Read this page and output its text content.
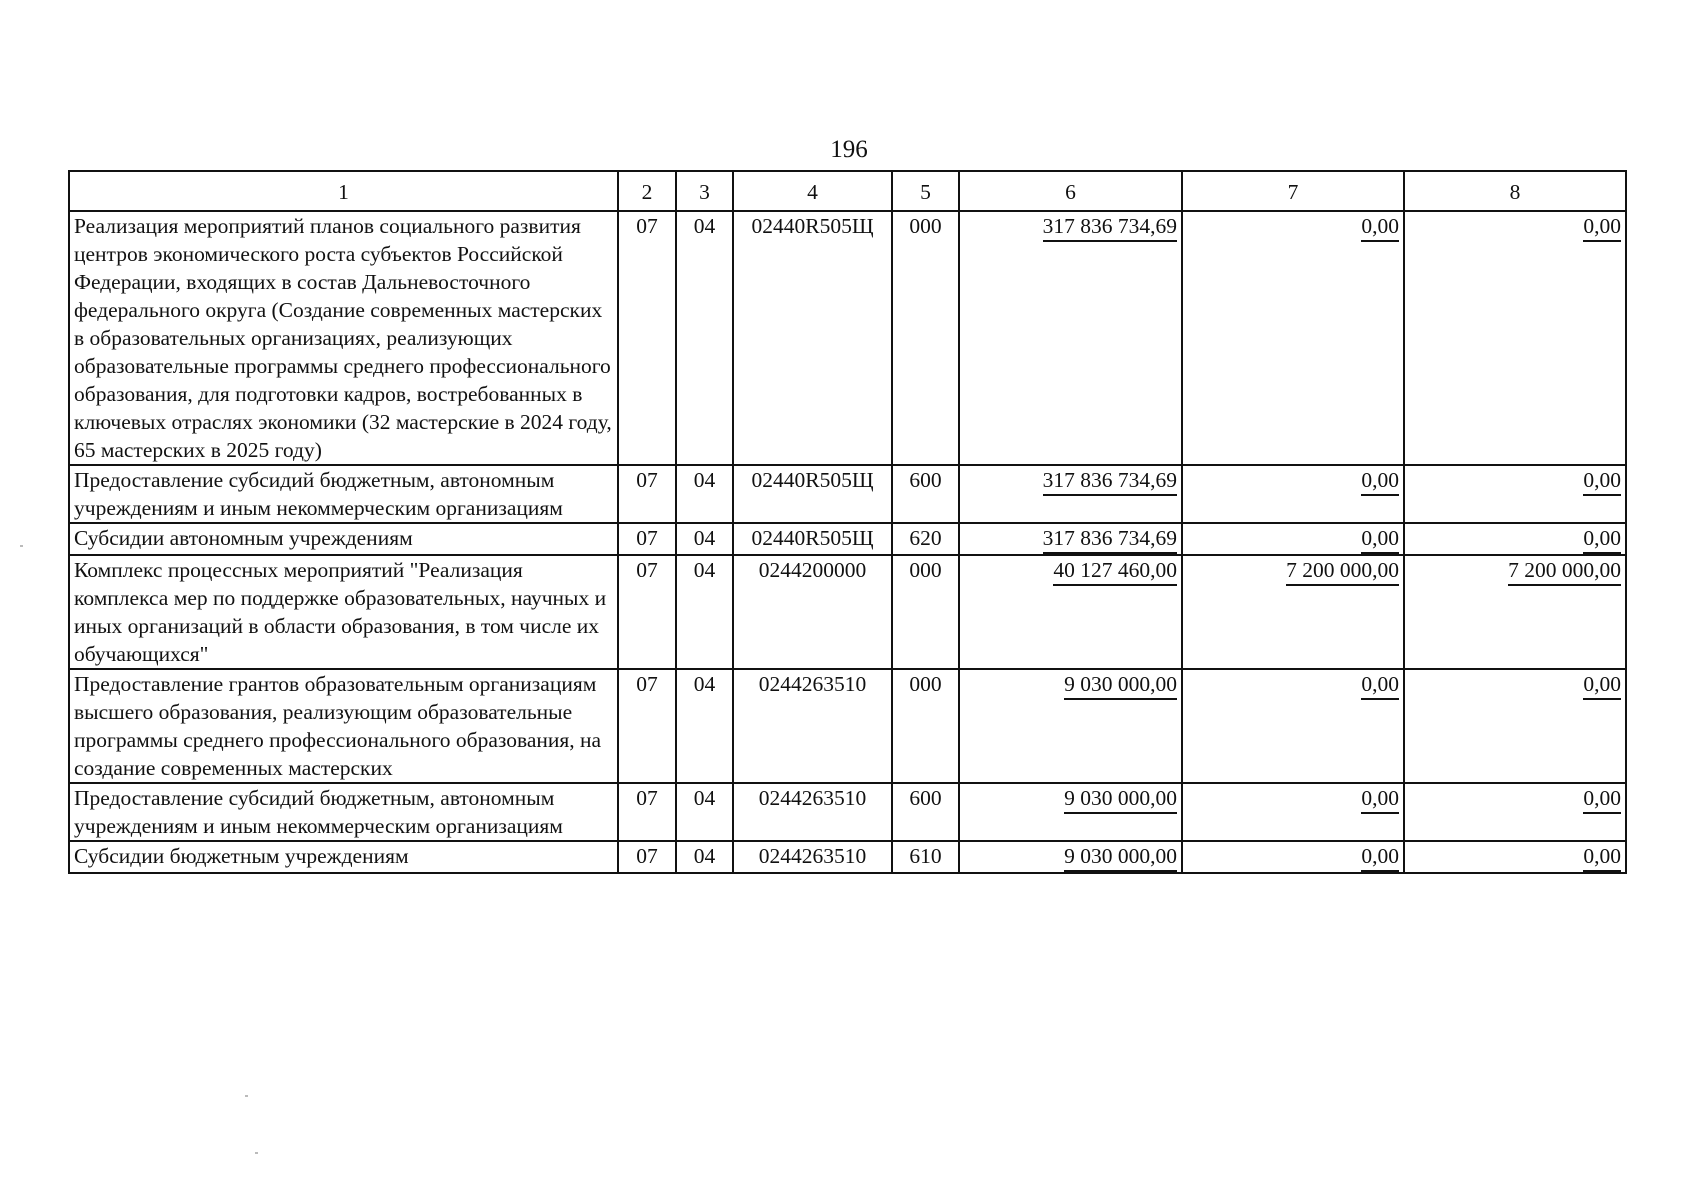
196
1	2	3	4	5	6	7	8
Реализация мероприятий планов социального развития центров экономического роста субъектов Российской Федерации, входящих в состав Дальневосточного федерального округа (Создание современных мастерских в образовательных организациях, реализующих образовательные программы среднего профессионального образования, для подготовки кадров, востребованных в ключевых отраслях экономики (32 мастерские в 2024 году, 65 мастерских в 2025 году)	07	04	02440R505Щ	000	317 836 734,69	0,00	0,00
Предоставление субсидий бюджетным, автономным учреждениям и иным некоммерческим организациям	07	04	02440R505Щ	600	317 836 734,69	0,00	0,00
Субсидии автономным учреждениям	07	04	02440R505Щ	620	317 836 734,69	0,00	0,00
Комплекс процессных мероприятий "Реализация комплекса мер по поддержке образовательных, научных и иных организаций в области образования, в том числе их обучающихся"	07	04	0244200000	000	40 127 460,00	7 200 000,00	7 200 000,00
Предоставление грантов образовательным организациям высшего образования, реализующим образовательные программы среднего профессионального образования, на создание современных мастерских	07	04	0244263510	000	9 030 000,00	0,00	0,00
Предоставление субсидий бюджетным, автономным учреждениям и иным некоммерческим организациям	07	04	0244263510	600	9 030 000,00	0,00	0,00
Субсидии бюджетным учреждениям	07	04	0244263510	610	9 030 000,00	0,00	0,00
